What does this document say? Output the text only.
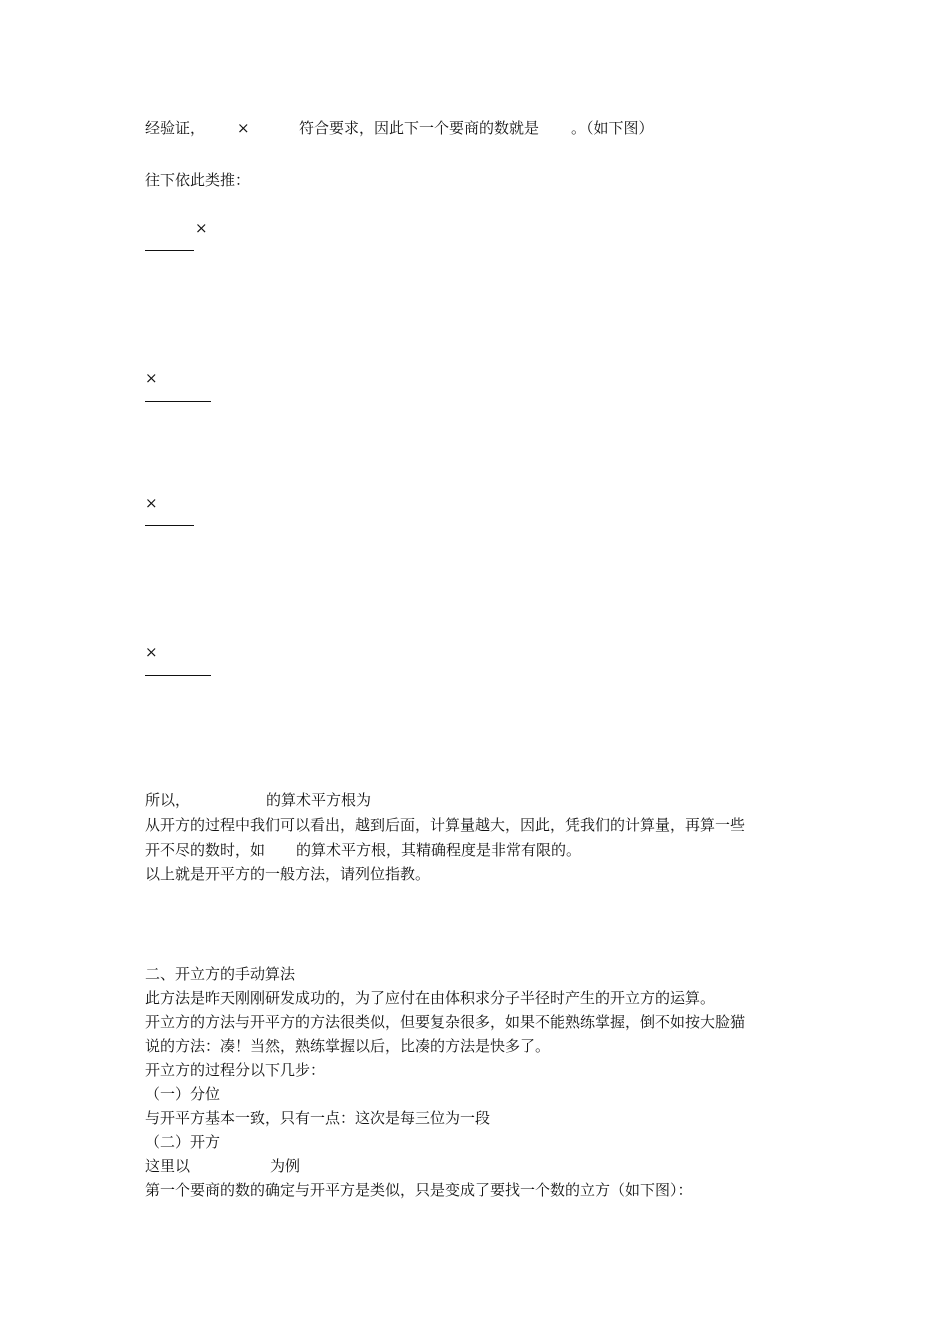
经验证， ×	符合要求，因此下一个要商的数就是 。（如下图）
往下依此类推：
×
×
×
×
所以，	的算术平方根为
从开方的过程中我们可以看出，越到后面，计算量越大，因此，凭我们的计算量，再算一些
开不尽的数时，如 的算术平方根，其精确程度是非常有限的。
以上就是开平方的一般方法，请列位指教。
二、开立方的手动算法
此方法是昨天刚刚研发成功的，为了应付在由体积求分子半径时产生的开立方的运算。
开立方的方法与开平方的方法很类似，但要复杂很多，如果不能熟练掌握，倒不如按大脸猫
说的方法：凑！当然，熟练掌握以后，比凑的方法是快多了。
开立方的过程分以下几步：
（一）分位
与开平方基本一致，只有一点：这次是每三位为一段
（二）开方
这里以	为例
第一个要商的数的确定与开平方是类似，只是变成了要找一个数的立方（如下图）：
